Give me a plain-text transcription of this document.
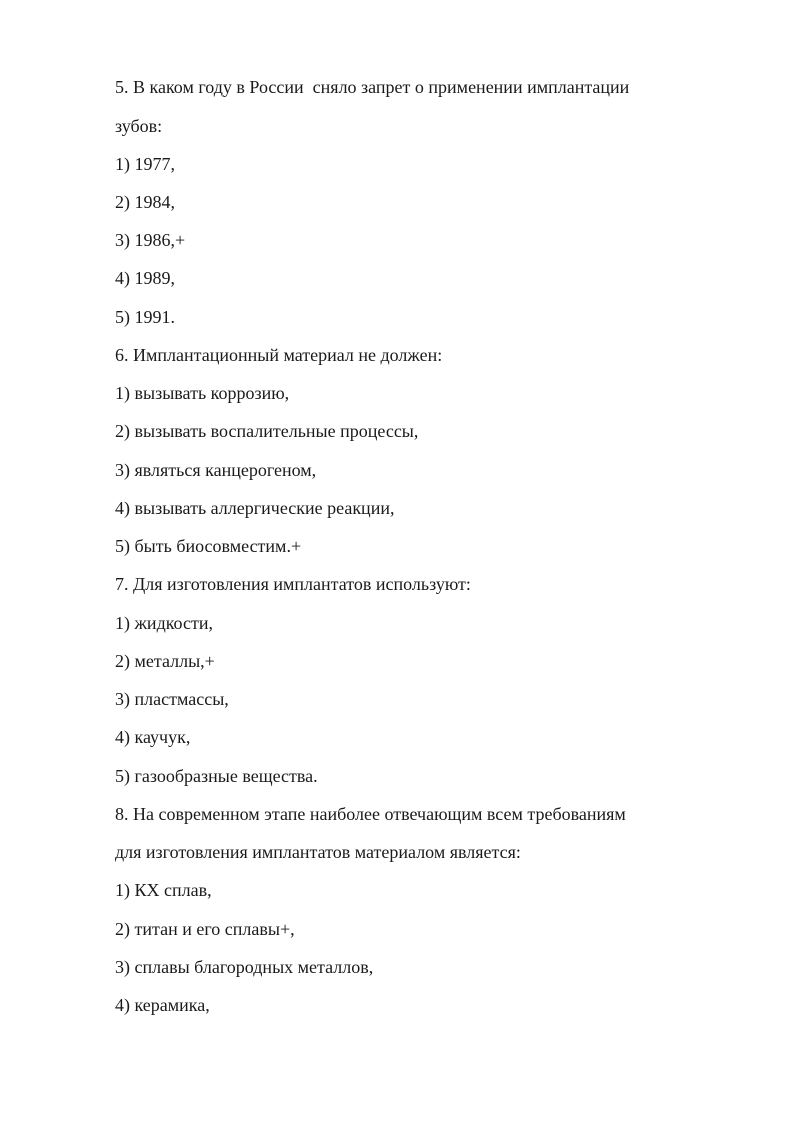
5. В каком году в России  сняло запрет о применении имплантации

зубов:

1) 1977,

2) 1984,

3) 1986,+

4) 1989,

5) 1991.

6. Имплантационный материал не должен:

1) вызывать коррозию,

2) вызывать воспалительные процессы,

3) являться канцерогеном,

4) вызывать аллергические реакции,

5) быть биосовместим.+

7. Для изготовления имплантатов используют:

1) жидкости,

2) металлы,+

3) пластмассы,

4) каучук,

5) газообразные вещества.

8. На современном этапе наиболее отвечающим всем требованиям

для изготовления имплантатов материалом является:

1) КХ сплав,

2) титан и его сплавы+,

3) сплавы благородных металлов,

4) керамика,
